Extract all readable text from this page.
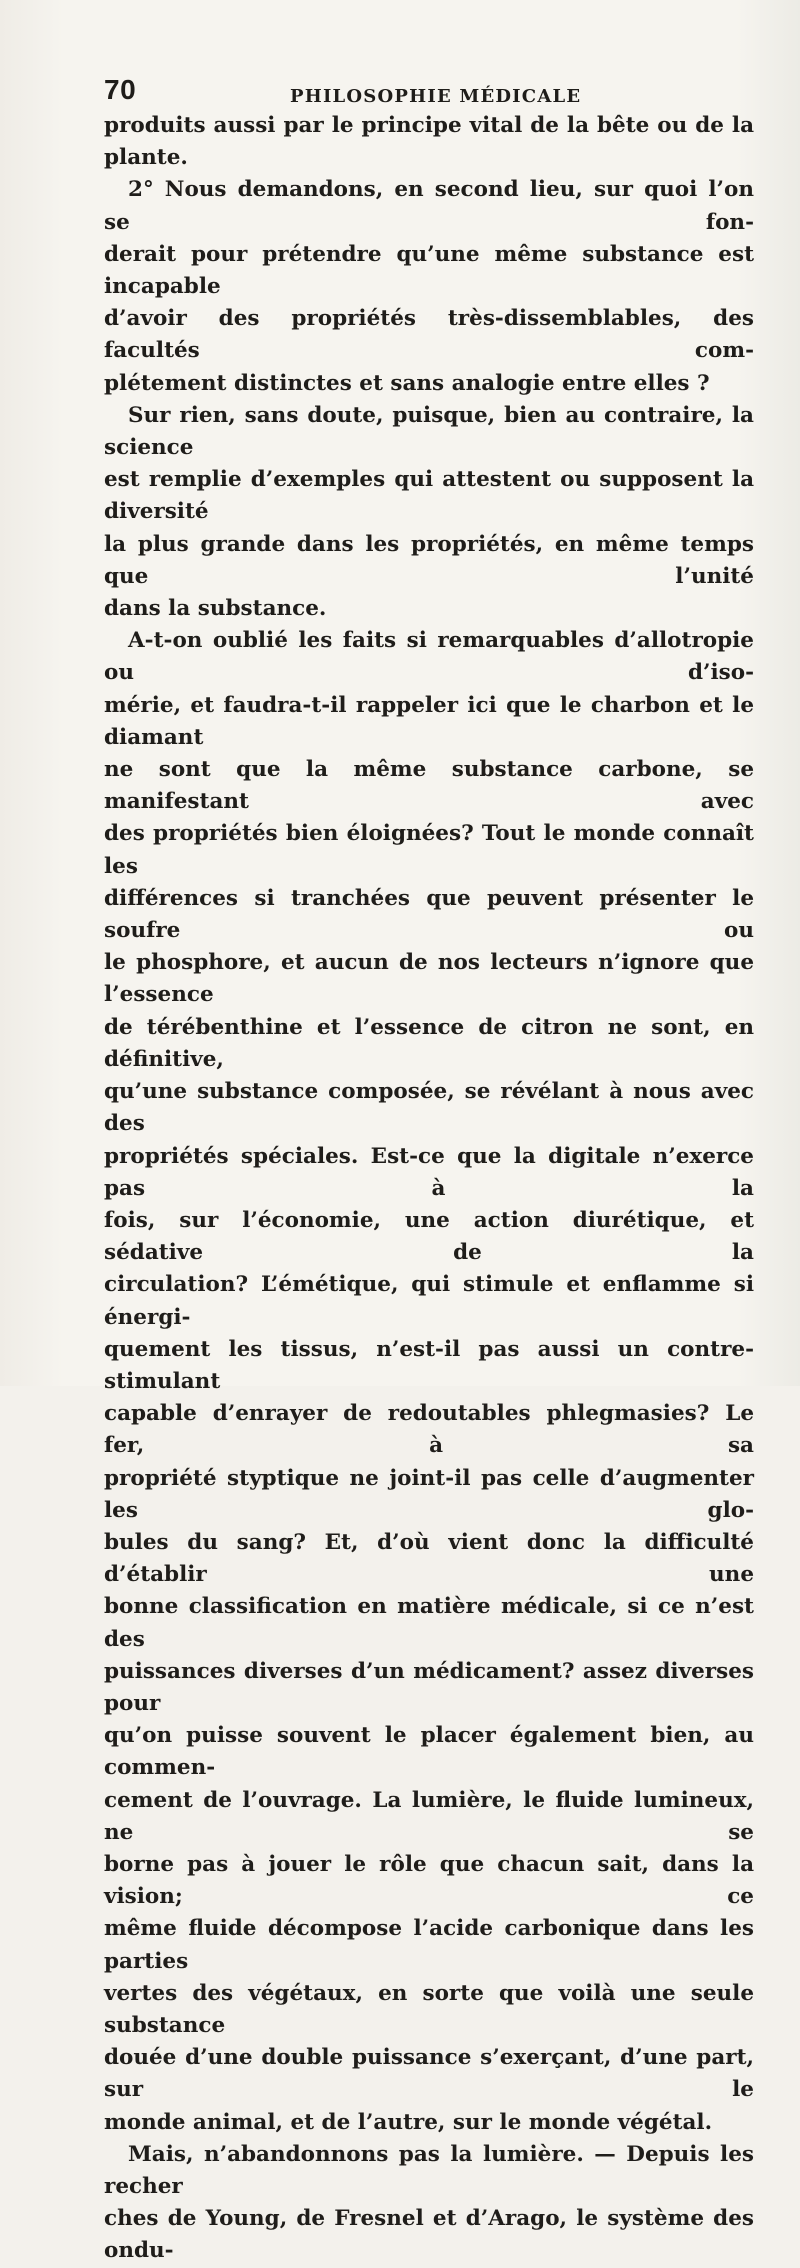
70	PHILOSOPHIE MÉDICALE

produits aussi par le principe vital de la bête ou de la

plante.

2° Nous demandons, en second lieu, sur quoi l’on se fon-

derait pour prétendre qu’une même substance est incapable

d’avoir des propriétés très-dissemblables, des facultés com-

plétement distinctes et sans analogie entre elles ?

Sur rien, sans doute, puisque, bien au contraire, la science

est remplie d’exemples qui attestent ou supposent la diversité

la plus grande dans les propriétés, en même temps que l’unité

dans la substance.

A-t-on oublié les faits si remarquables d’allotropie ou d’iso-

mérie, et faudra-t-il rappeler ici que le charbon et le diamant

ne sont que la même substance carbone, se manifestant avec

des propriétés bien éloignées? Tout le monde connaît les

différences si tranchées que peuvent présenter le soufre ou

le phosphore, et aucun de nos lecteurs n’ignore que l’essence

de térébenthine et l’essence de citron ne sont, en définitive,

qu’une substance composée, se révélant à nous avec des

propriétés spéciales. Est-ce que la digitale n’exerce pas à la

fois, sur l’économie, une action diurétique, et sédative de la

circulation? L’émétique, qui stimule et enflamme si énergi-

quement les tissus, n’est-il pas aussi un contre-stimulant

capable d’enrayer de redoutables phlegmasies? Le fer, à sa

propriété styptique ne joint-il pas celle d’augmenter les glo-

bules du sang? Et, d’où vient donc la difficulté d’établir une

bonne classification en matière médicale, si ce n’est des

puissances diverses d’un médicament? assez diverses pour

qu’on puisse souvent le placer également bien, au commen-

cement de l’ouvrage. La lumière, le fluide lumineux, ne se

borne pas à jouer le rôle que chacun sait, dans la vision; ce

même fluide décompose l’acide carbonique dans les parties

vertes des végétaux, en sorte que voilà une seule substance

douée d’une double puissance s’exerçant, d’une part, sur le

monde animal, et de l’autre, sur le monde végétal.

Mais, n’abandonnons pas la lumière. — Depuis les recher

ches de Young, de Fresnel et d’Arago, le système des ondu-
